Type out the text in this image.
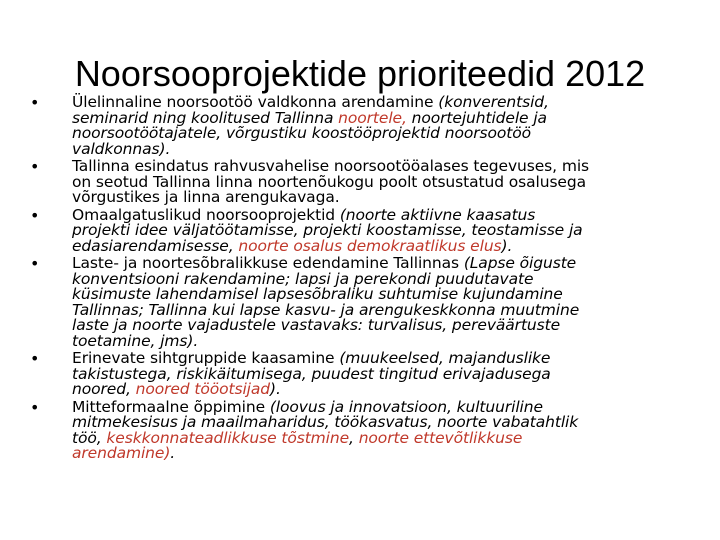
Noorsooprojektide prioriteedid 2012
• Ülelinnaline noorsootöö valdkonna arendamine (konverentsid,
seminarid ning koolitused Tallinna noortele, noortejuhtidele ja
noorsootöötajatele, võrgustiku koostööprojektid noorsootöö
valdkonnas).
• Tallinna esindatus rahvusvahelise noorsootööalases tegevuses, mis
on seotud Tallinna linna noortenõukogu poolt otsustatud osalusega
võrgustikes ja linna arengukavaga.
• Omaalgatuslikud noorsooprojektid (noorte aktiivne kaasatus
projekti idee väljatöötamisse, projekti koostamisse, teostamisse ja
edasiarendamisesse, noorte osalus demokraatlikus elus).
• Laste- ja noortesõbralikkuse edendamine Tallinnas (Lapse õiguste
konventsiooni rakendamine; lapsi ja perekondi puudutavate
küsimuste lahendamisel lapsesõbraliku suhtumise kujundamine
Tallinnas; Tallinna kui lapse kasvu- ja arengukeskkonna muutmine
laste ja noorte vajadustele vastavaks: turvalisus, pereväärtuste
toetamine, jms).
• Erinevate sihtgruppide kaasamine (muukeelsed, majanduslike
takistustega, riskikäitumisega, puudest tingitud erivajadusega
noored, noored tööotsijad).
• Mitteformaalne õppimine (loovus ja innovatsioon, kultuuriline
mitmekesisus ja maailmaharidus, töökasvatus, noorte vabatahtlik
töö, keskkonnateadlikkuse tõstmine, noorte ettevõtlikkuse
arendamine).
